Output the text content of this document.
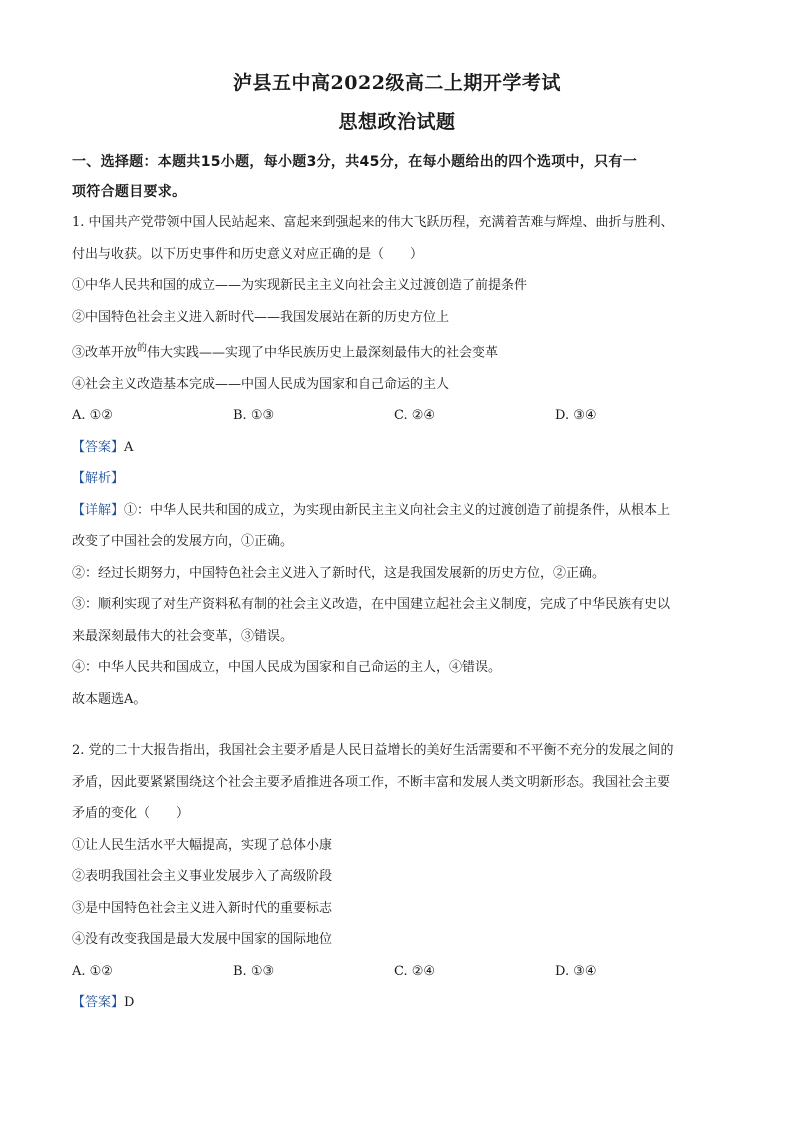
泸县五中高2022级高二上期开学考试

思想政治试题

一、选择题：本题共15小题，每小题3分，共45分，在每小题给出的四个选项中，只有一

项符合题目要求。

1. 中国共产党带领中国人民站起来、富起来到强起来的伟大飞跃历程，充满着苦难与辉煌、曲折与胜利、

付出与收获。以下历史事件和历史意义对应正确的是（　　）

①中华人民共和国的成立——为实现新民主主义向社会主义过渡创造了前提条件

②中国特色社会主义进入新时代——我国发展站在新的历史方位上

③改革开放$^的$伟大实践——实现了中华民族历史上最深刻最伟大的社会变革

④社会主义改造基本完成——中国人民成为国家和自己命运的主人

A. ①②	B. ①③	C. ②④	D. ③④

【答案】A

【解析】

【详解】①：中华人民共和国的成立，为实现由新民主主义向社会主义的过渡创造了前提条件，从根本上

改变了中国社会的发展方向，①正确。

②：经过长期努力，中国特色社会主义进入了新时代，这是我国发展新的历史方位，②正确。

③：顺利实现了对生产资料私有制的社会主义改造，在中国建立起社会主义制度，完成了中华民族有史以

来最深刻最伟大的社会变革，③错误。

④：中华人民共和国成立，中国人民成为国家和自己命运的主人，④错误。

故本题选A。

2. 党的二十大报告指出，我国社会主要矛盾是人民日益增长的美好生活需要和不平衡不充分的发展之间的

矛盾，因此要紧紧围绕这个社会主要矛盾推进各项工作，不断丰富和发展人类文明新形态。我国社会主要

矛盾的变化（　　）

①让人民生活水平大幅提高，实现了总体小康

②表明我国社会主义事业发展步入了高级阶段

③是中国特色社会主义进入新时代的重要标志

④没有改变我国是最大发展中国家的国际地位

A. ①②	B. ①③	C. ②④	D. ③④

【答案】D
